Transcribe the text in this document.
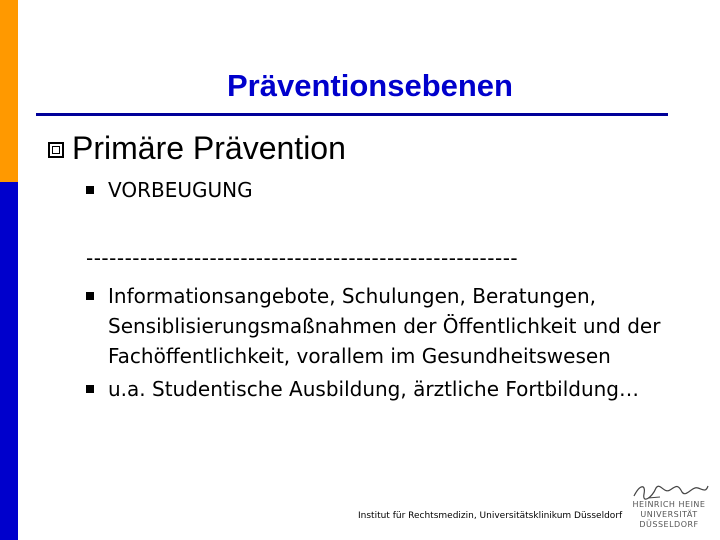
Präventionsebenen
Primäre Prävention
VORBEUGUNG
--------------------------------------------------------
Informationsangebote, Schulungen, Beratungen, Sensiblisierungsmaßnahmen der Öffentlichkeit und der Fachöffentlichkeit, vorallem im Gesundheitswesen
u.a. Studentische Ausbildung, ärztliche Fortbildung…
Institut für Rechtsmedizin, Universitätsklinikum Düsseldorf
HEINRICH HEINE
UNIVERSITÄT
DÜSSELDORF
